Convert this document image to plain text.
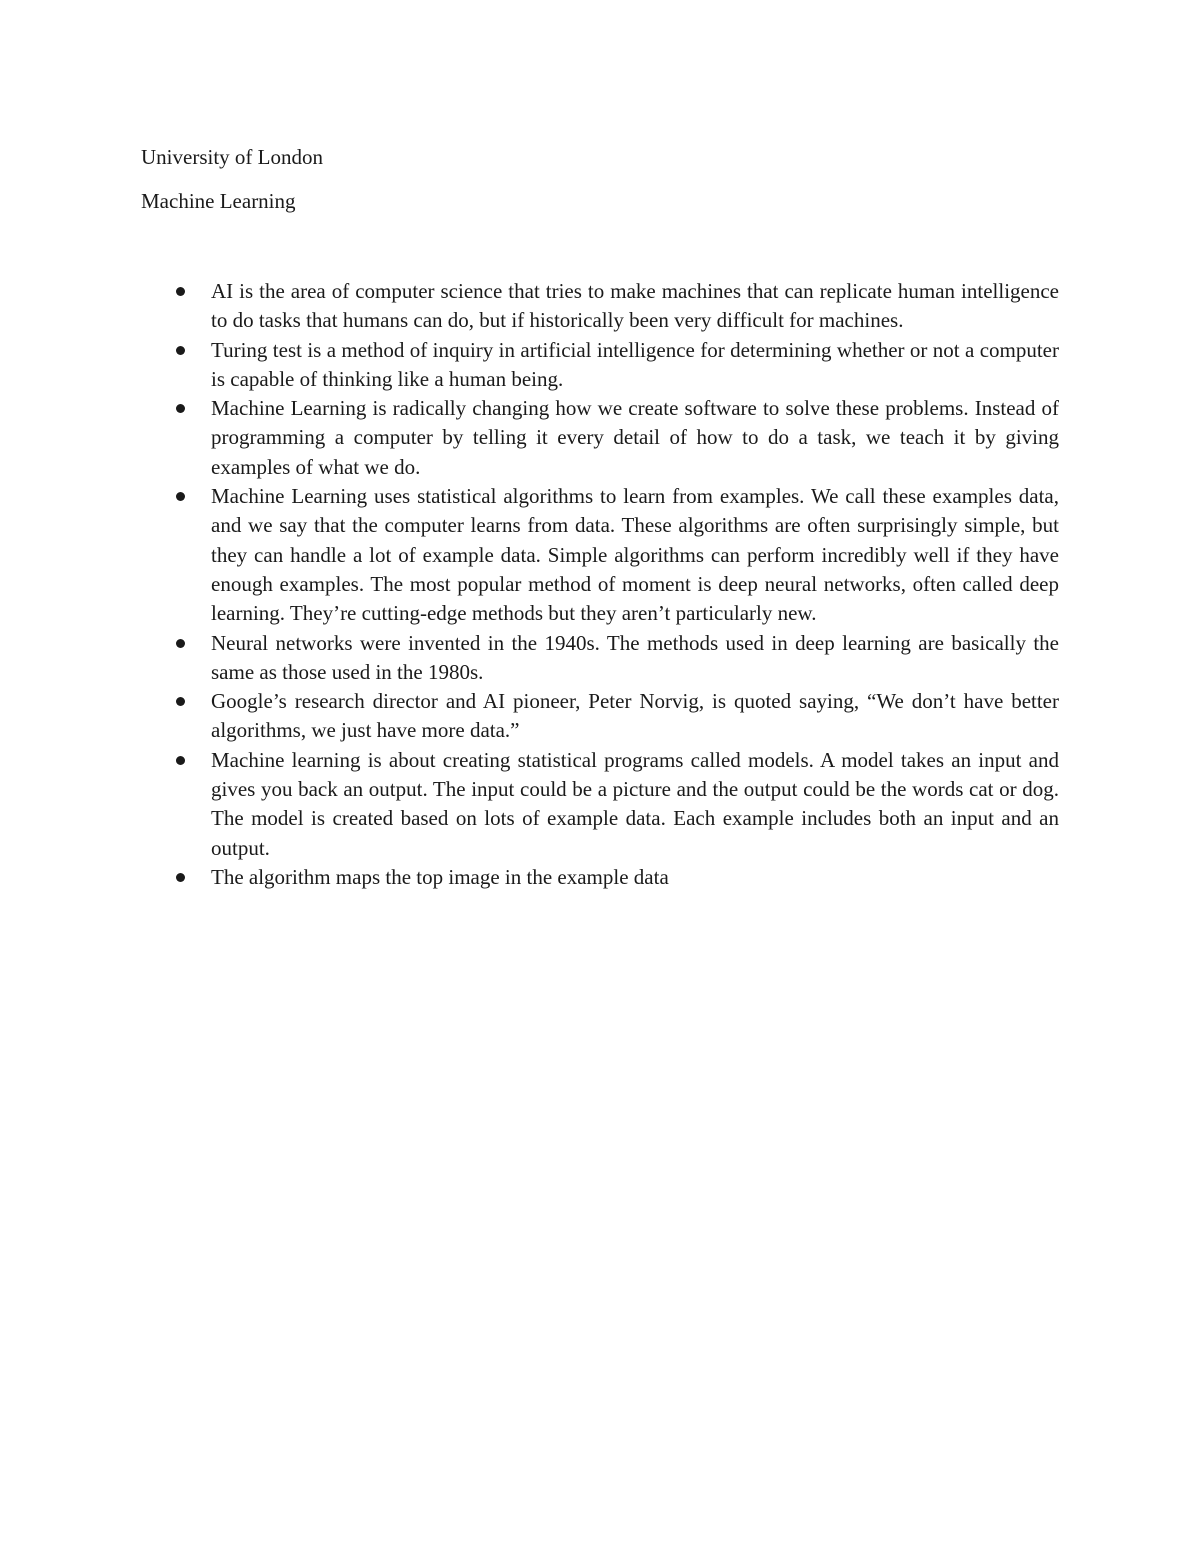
University of London
Machine Learning
AI is the area of computer science that tries to make machines that can replicate human intelligence to do tasks that humans can do, but if historically been very difficult for machines.
Turing test is a method of inquiry in artificial intelligence for determining whether or not a computer is capable of thinking like a human being.
Machine Learning is radically changing how we create software to solve these problems. Instead of programming a computer by telling it every detail of how to do a task, we teach it by giving examples of what we do.
Machine Learning uses statistical algorithms to learn from examples. We call these examples data, and we say that the computer learns from data. These algorithms are often surprisingly simple, but they can handle a lot of example data. Simple algorithms can perform incredibly well if they have enough examples. The most popular method of moment is deep neural networks, often called deep learning. They’re cutting-edge methods but they aren’t particularly new.
Neural networks were invented in the 1940s. The methods used in deep learning are basically the same as those used in the 1980s.
Google’s research director and AI pioneer, Peter Norvig, is quoted saying, “We don’t have better algorithms, we just have more data.”
Machine learning is about creating statistical programs called models. A model takes an input and gives you back an output. The input could be a picture and the output could be the words cat or dog. The model is created based on lots of example data. Each example includes both an input and an output.
The algorithm maps the top image in the example data
